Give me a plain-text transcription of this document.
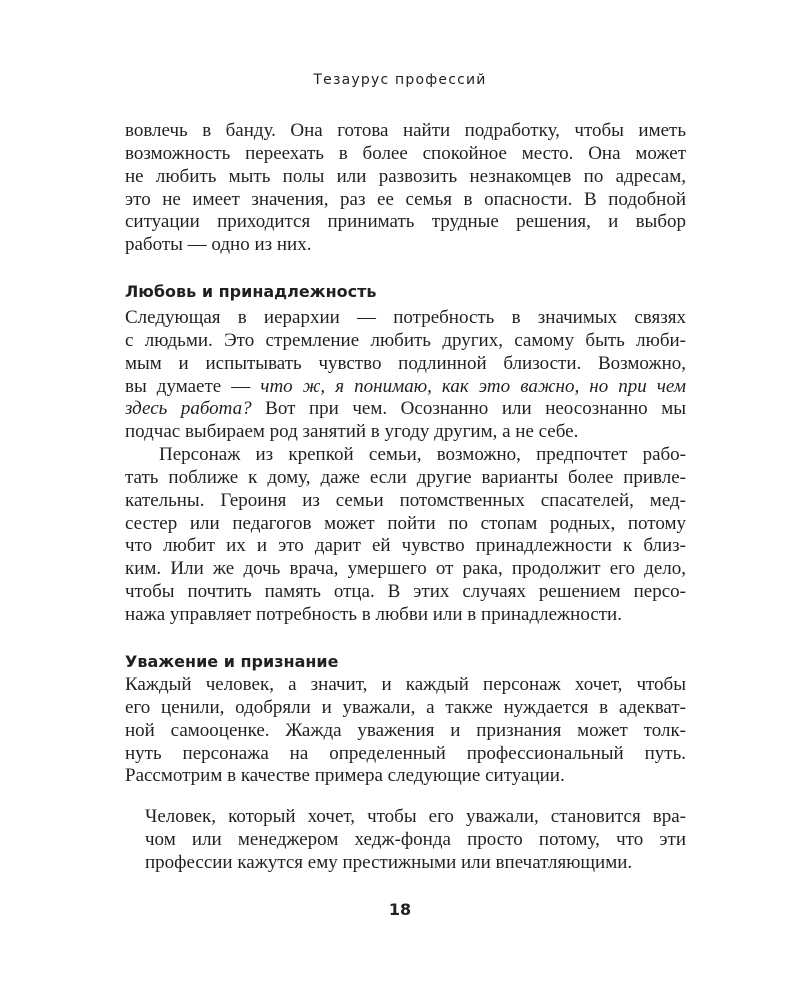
Тезаурус профессий
вовлечь в банду. Она готова найти подработку, чтобы иметь
возможность переехать в более спокойное место. Она может
не любить мыть полы или развозить незнакомцев по адресам,
это не имеет значения, раз ее семья в опасности. В подобной
ситуации приходится принимать трудные решения, и выбор
работы — одно из них.
Любовь и принадлежность
Следующая в иерархии — потребность в значимых связях
с людьми. Это стремление любить других, самому быть люби-
мым и испытывать чувство подлинной близости. Возможно,
вы думаете — что ж, я понимаю, как это важно, но при чем
здесь работа? Вот при чем. Осознанно или неосознанно мы
подчас выбираем род занятий в угоду другим, а не себе.
Персонаж из крепкой семьи, возможно, предпочтет рабо-
тать поближе к дому, даже если другие варианты более привле-
кательны. Героиня из семьи потомственных спасателей, мед-
сестер или педагогов может пойти по стопам родных, потому
что любит их и это дарит ей чувство принадлежности к близ-
ким. Или же дочь врача, умершего от рака, продолжит его дело,
чтобы почтить память отца. В этих случаях решением персо-
нажа управляет потребность в любви или в принадлежности.
Уважение и признание
Каждый человек, а значит, и каждый персонаж хочет, чтобы
его ценили, одобряли и уважали, а также нуждается в адекват-
ной самооценке. Жажда уважения и признания может толк-
нуть персонажа на определенный профессиональный путь.
Рассмотрим в качестве примера следующие ситуации.
Человек, который хочет, чтобы его уважали, становится вра-
чом или менеджером хедж-фонда просто потому, что эти
профессии кажутся ему престижными или впечатляющими.
18
